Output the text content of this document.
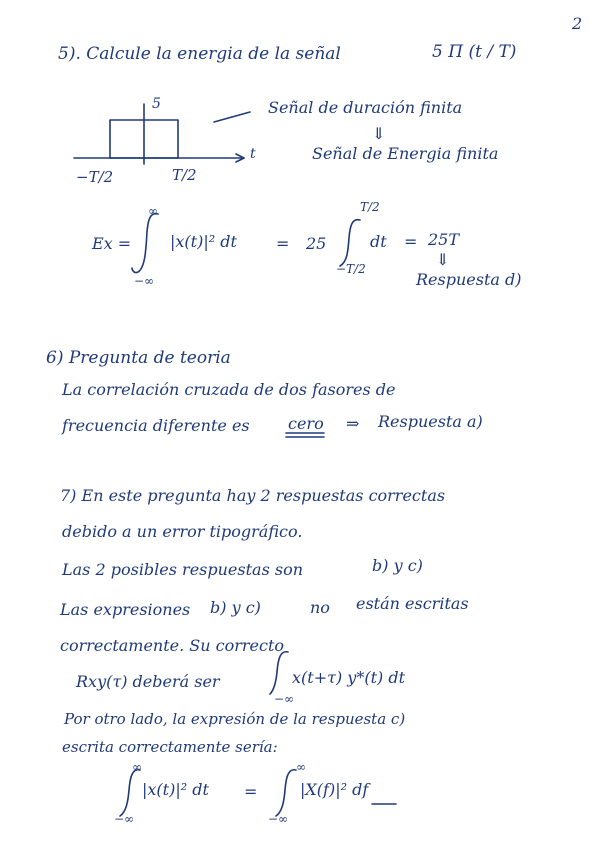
2
5). Calcule la energia de la señal	5 Π (t / T)
5
t
−T/2	T/2
Señal de duración finita
⇓
Señal de Energia finita
Ex =
∞
−∞
|x(t)|² dt = 25
T/2
−T/2
dt = 25T
⇓
Respuesta d)
6) Pregunta de teoria
La correlación cruzada de dos fasores de
frecuencia diferente es cero ⇒ Respuesta a)
7) En este pregunta hay 2 respuestas correctas
debido a un error tipográfico.
Las 2 posibles respuestas son	b) y c)
Las expresiones b) y c)	no están escritas
correctamente. Su correcto
Rxy(τ) deberá ser	x(t+τ) y*(t) dt
−∞
Por otro lado, la expresión de la respuesta c)
escrita correctamente sería:
∞
−∞
|x(t)|² dt =
∞
−∞
|X(f)|² df
